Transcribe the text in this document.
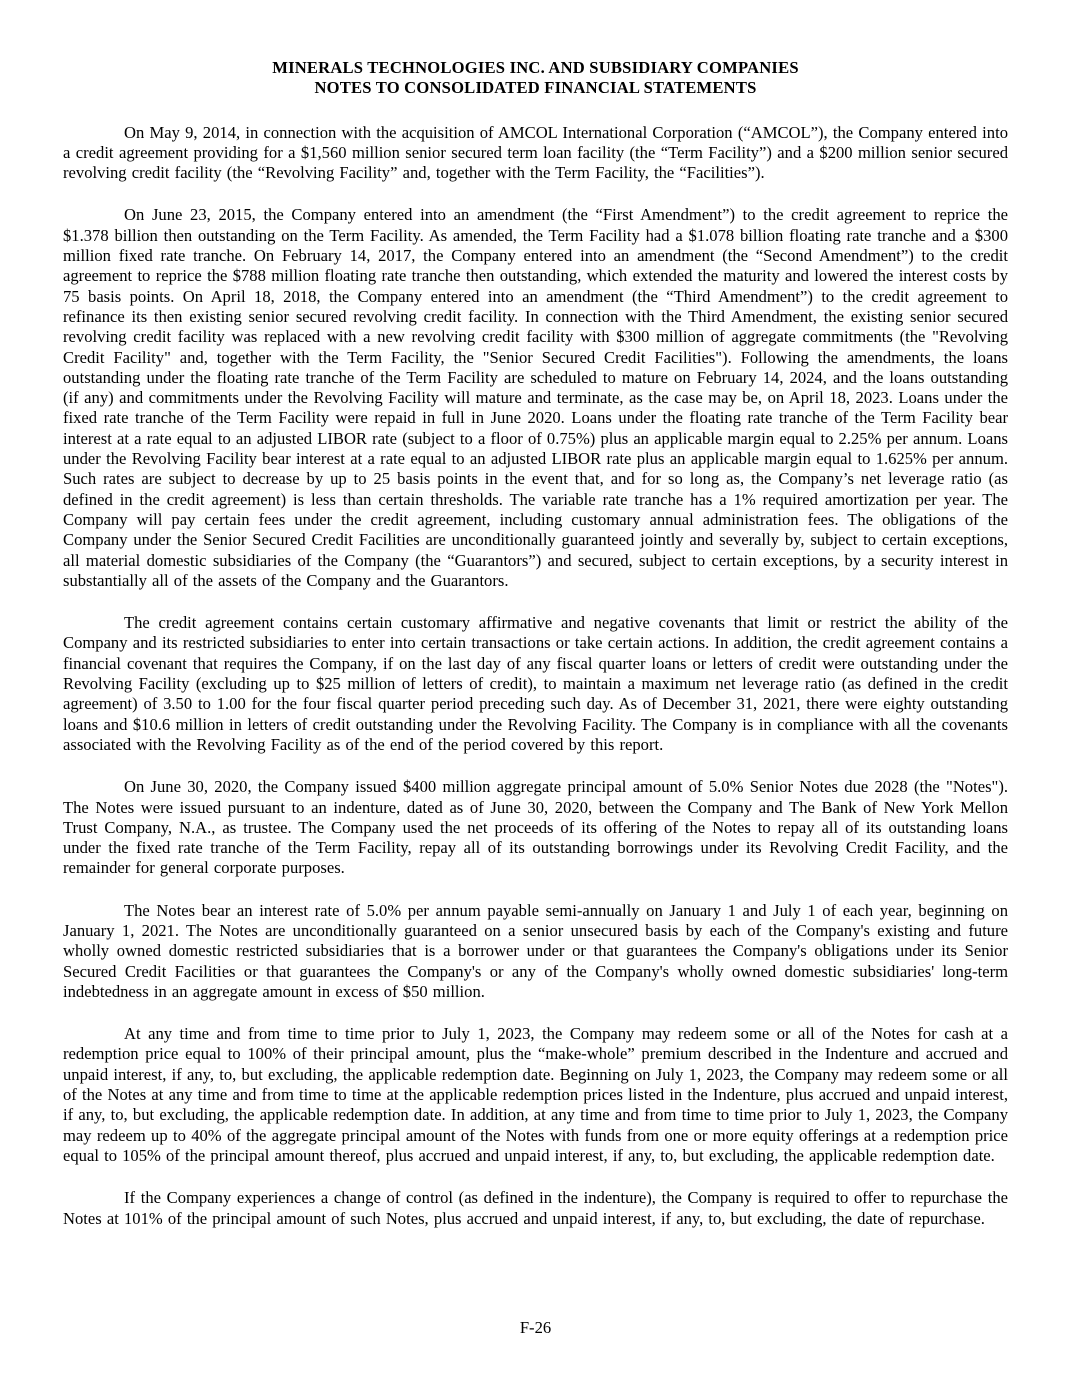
MINERALS TECHNOLOGIES INC. AND SUBSIDIARY COMPANIES
NOTES TO CONSOLIDATED FINANCIAL STATEMENTS

On May 9, 2014, in connection with the acquisition of AMCOL International Corporation (“AMCOL”), the Company entered into a credit agreement providing for a $1,560 million senior secured term loan facility (the “Term Facility”) and a $200 million senior secured revolving credit facility (the “Revolving Facility” and, together with the Term Facility, the “Facilities”).

On June 23, 2015, the Company entered into an amendment (the “First Amendment”) to the credit agreement to reprice the $1.378 billion then outstanding on the Term Facility. As amended, the Term Facility had a $1.078 billion floating rate tranche and a $300 million fixed rate tranche. On February 14, 2017, the Company entered into an amendment (the “Second Amendment”) to the credit agreement to reprice the $788 million floating rate tranche then outstanding, which extended the maturity and lowered the interest costs by 75 basis points. On April 18, 2018, the Company entered into an amendment (the “Third Amendment”) to the credit agreement to refinance its then existing senior secured revolving credit facility. In connection with the Third Amendment, the existing senior secured revolving credit facility was replaced with a new revolving credit facility with $300 million of aggregate commitments (the "Revolving Credit Facility" and, together with the Term Facility, the "Senior Secured Credit Facilities"). Following the amendments, the loans outstanding under the floating rate tranche of the Term Facility are scheduled to mature on February 14, 2024, and the loans outstanding (if any) and commitments under the Revolving Facility will mature and terminate, as the case may be, on April 18, 2023. Loans under the fixed rate tranche of the Term Facility were repaid in full in June 2020. Loans under the floating rate tranche of the Term Facility bear interest at a rate equal to an adjusted LIBOR rate (subject to a floor of 0.75%) plus an applicable margin equal to 2.25% per annum. Loans under the Revolving Facility bear interest at a rate equal to an adjusted LIBOR rate plus an applicable margin equal to 1.625% per annum. Such rates are subject to decrease by up to 25 basis points in the event that, and for so long as, the Company’s net leverage ratio (as defined in the credit agreement) is less than certain thresholds. The variable rate tranche has a 1% required amortization per year. The Company will pay certain fees under the credit agreement, including customary annual administration fees. The obligations of the Company under the Senior Secured Credit Facilities are unconditionally guaranteed jointly and severally by, subject to certain exceptions, all material domestic subsidiaries of the Company (the “Guarantors”) and secured, subject to certain exceptions, by a security interest in substantially all of the assets of the Company and the Guarantors.

The credit agreement contains certain customary affirmative and negative covenants that limit or restrict the ability of the Company and its restricted subsidiaries to enter into certain transactions or take certain actions. In addition, the credit agreement contains a financial covenant that requires the Company, if on the last day of any fiscal quarter loans or letters of credit were outstanding under the Revolving Facility (excluding up to $25 million of letters of credit), to maintain a maximum net leverage ratio (as defined in the credit agreement) of 3.50 to 1.00 for the four fiscal quarter period preceding such day. As of December 31, 2021, there were eighty outstanding loans and $10.6 million in letters of credit outstanding under the Revolving Facility. The Company is in compliance with all the covenants associated with the Revolving Facility as of the end of the period covered by this report.

On June 30, 2020, the Company issued $400 million aggregate principal amount of 5.0% Senior Notes due 2028 (the "Notes"). The Notes were issued pursuant to an indenture, dated as of June 30, 2020, between the Company and The Bank of New York Mellon Trust Company, N.A., as trustee. The Company used the net proceeds of its offering of the Notes to repay all of its outstanding loans under the fixed rate tranche of the Term Facility, repay all of its outstanding borrowings under its Revolving Credit Facility, and the remainder for general corporate purposes.

The Notes bear an interest rate of 5.0% per annum payable semi-annually on January 1 and July 1 of each year, beginning on January 1, 2021. The Notes are unconditionally guaranteed on a senior unsecured basis by each of the Company's existing and future wholly owned domestic restricted subsidiaries that is a borrower under or that guarantees the Company's obligations under its Senior Secured Credit Facilities or that guarantees the Company's or any of the Company's wholly owned domestic subsidiaries' long-term indebtedness in an aggregate amount in excess of $50 million.

At any time and from time to time prior to July 1, 2023, the Company may redeem some or all of the Notes for cash at a redemption price equal to 100% of their principal amount, plus the “make-whole” premium described in the Indenture and accrued and unpaid interest, if any, to, but excluding, the applicable redemption date. Beginning on July 1, 2023, the Company may redeem some or all of the Notes at any time and from time to time at the applicable redemption prices listed in the Indenture, plus accrued and unpaid interest, if any, to, but excluding, the applicable redemption date. In addition, at any time and from time to time prior to July 1, 2023, the Company may redeem up to 40% of the aggregate principal amount of the Notes with funds from one or more equity offerings at a redemption price equal to 105% of the principal amount thereof, plus accrued and unpaid interest, if any, to, but excluding, the applicable redemption date.

If the Company experiences a change of control (as defined in the indenture), the Company is required to offer to repurchase the Notes at 101% of the principal amount of such Notes, plus accrued and unpaid interest, if any, to, but excluding, the date of repurchase.

F-26
